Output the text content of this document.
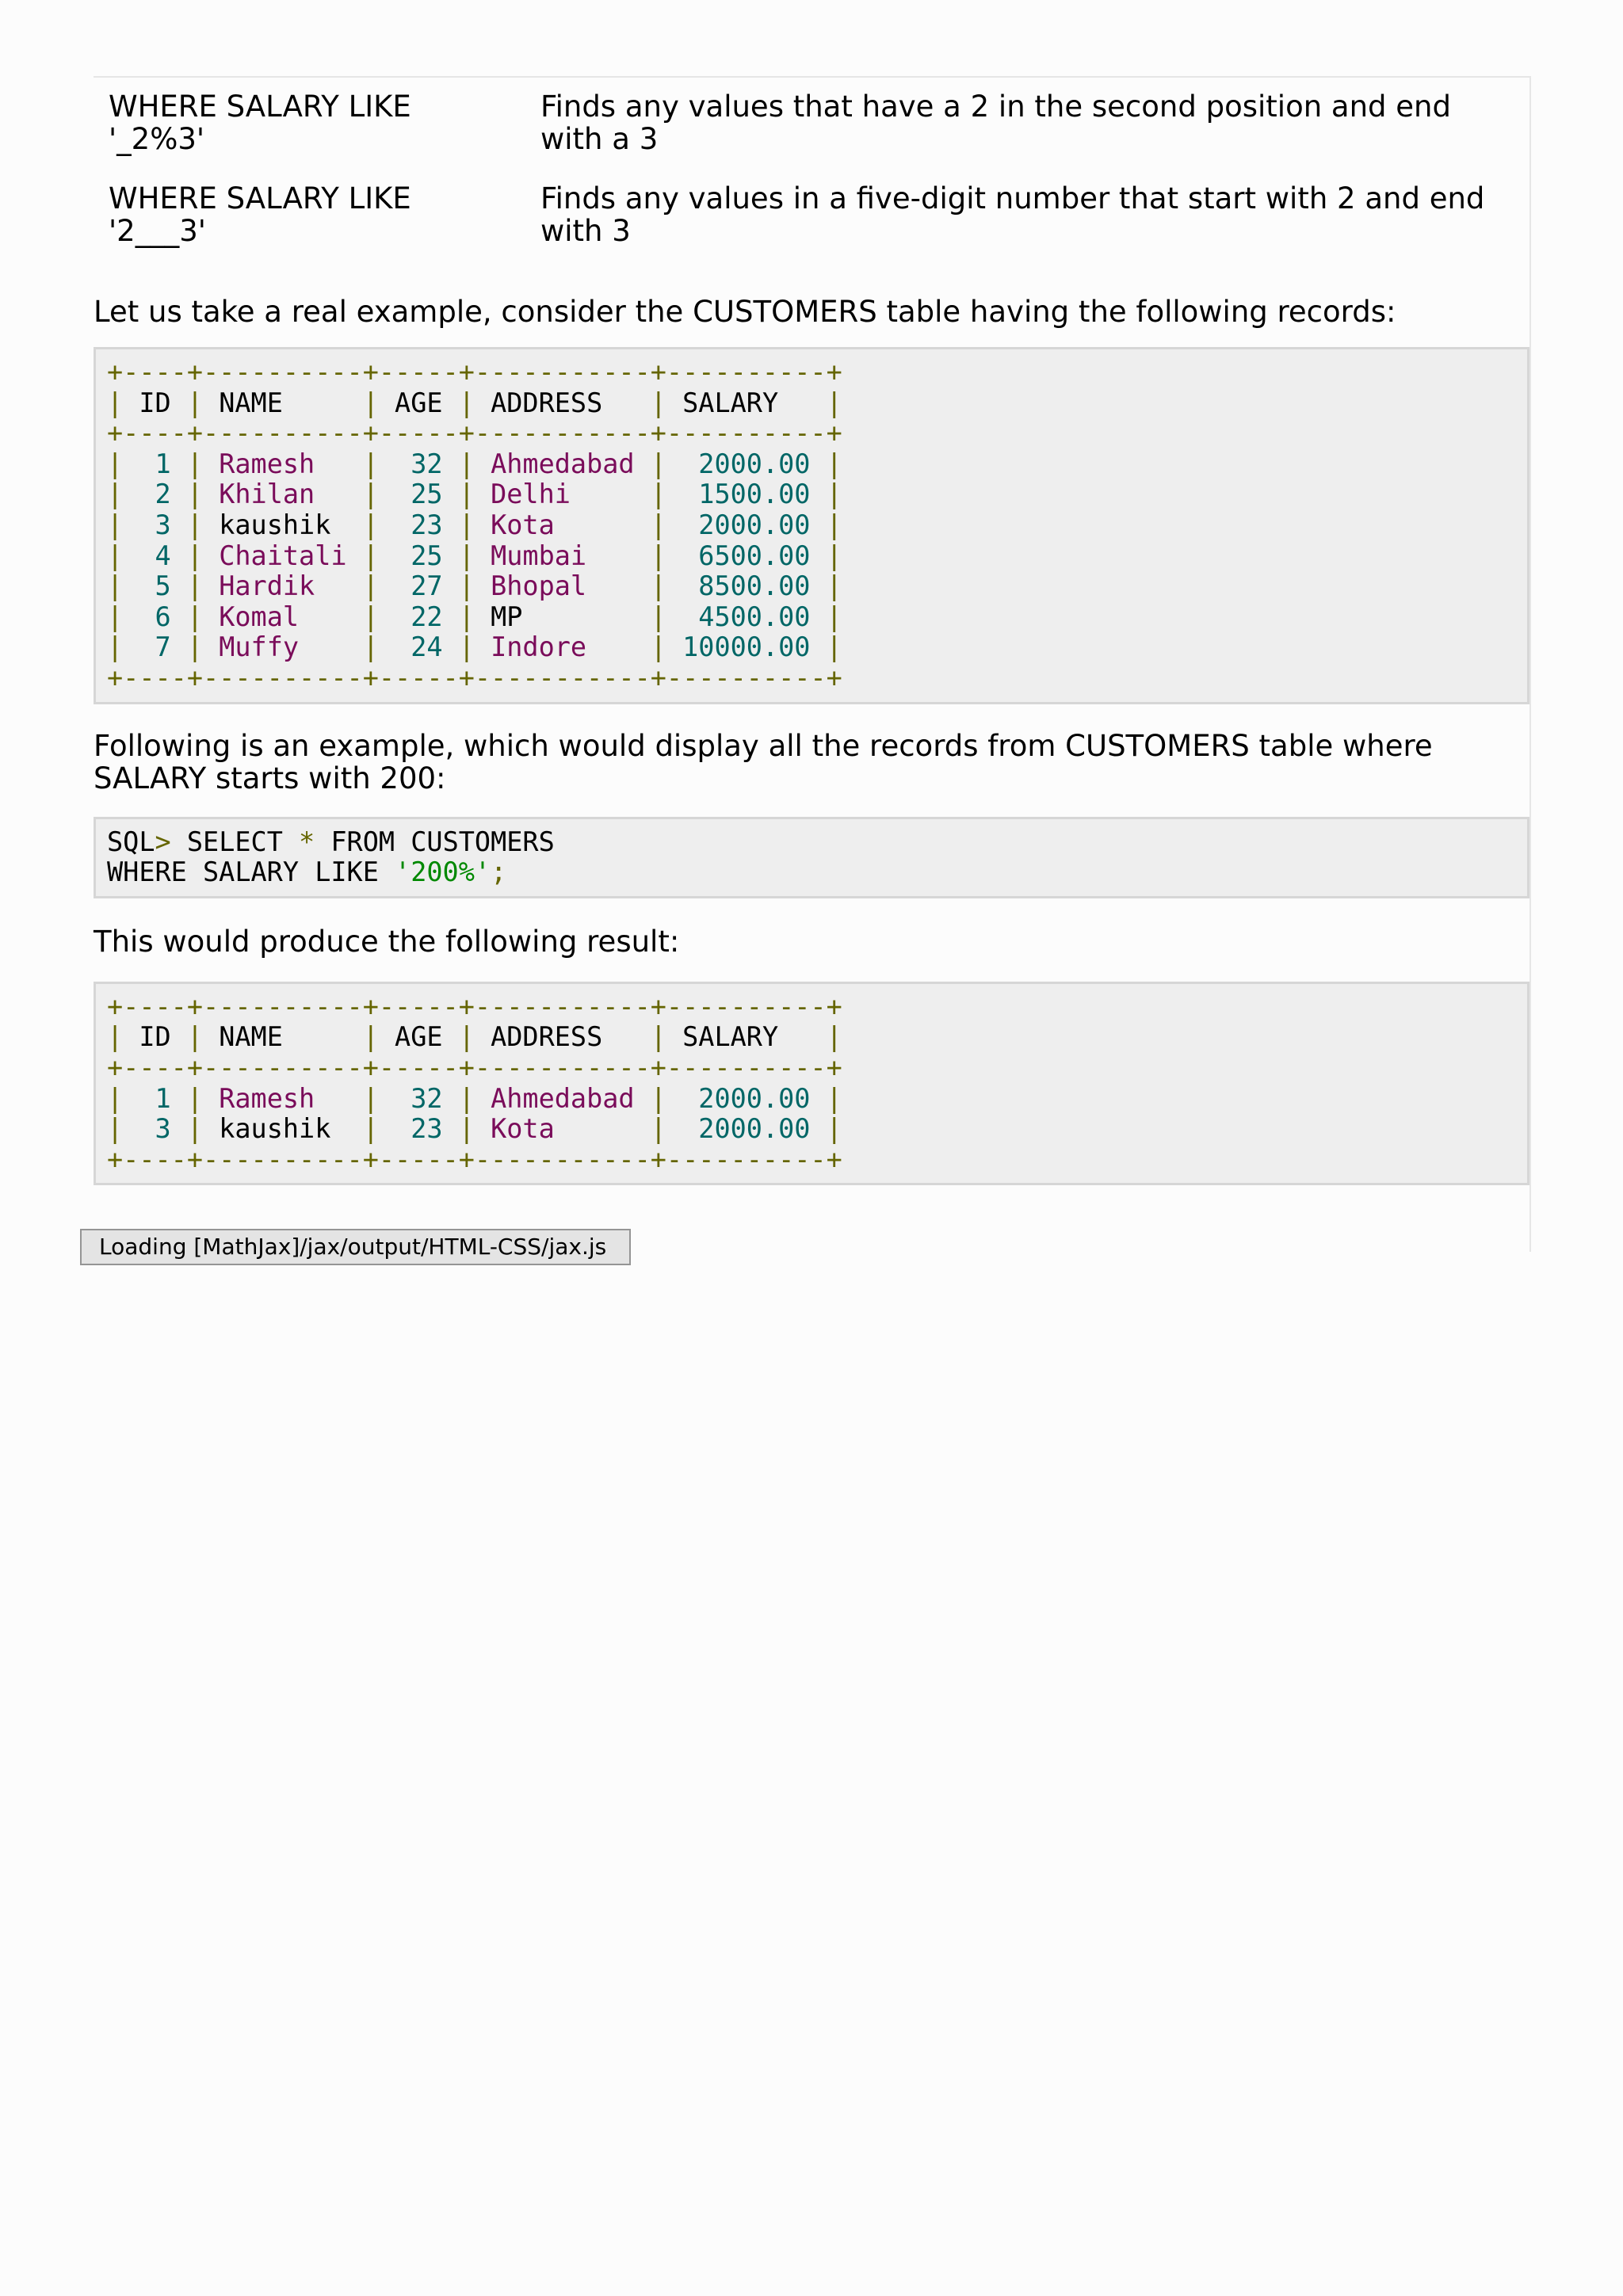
WHERE SALARY LIKE '_2%3'	Finds any values that have a 2 in the second position and end with a 3
WHERE SALARY LIKE '2___3'	Finds any values in a five-digit number that start with 2 and end with 3

Let us take a real example, consider the CUSTOMERS table having the following records:

+----+----------+-----+-----------+----------+
| ID | NAME     | AGE | ADDRESS   | SALARY   |
+----+----------+-----+-----------+----------+
|  1 | Ramesh   |  32 | Ahmedabad |  2000.00 |
|  2 | Khilan   |  25 | Delhi     |  1500.00 |
|  3 | kaushik  |  23 | Kota      |  2000.00 |
|  4 | Chaitali |  25 | Mumbai    |  6500.00 |
|  5 | Hardik   |  27 | Bhopal    |  8500.00 |
|  6 | Komal    |  22 | MP        |  4500.00 |
|  7 | Muffy    |  24 | Indore    | 10000.00 |
+----+----------+-----+-----------+----------+

Following is an example, which would display all the records from CUSTOMERS table where SALARY starts with 200:

SQL> SELECT * FROM CUSTOMERS
WHERE SALARY LIKE '200%';

This would produce the following result:

+----+----------+-----+-----------+----------+
| ID | NAME     | AGE | ADDRESS   | SALARY   |
+----+----------+-----+-----------+----------+
|  1 | Ramesh   |  32 | Ahmedabad |  2000.00 |
|  3 | kaushik  |  23 | Kota      |  2000.00 |
+----+----------+-----+-----------+----------+
Loading [MathJax]/jax/output/HTML-CSS/jax.js
